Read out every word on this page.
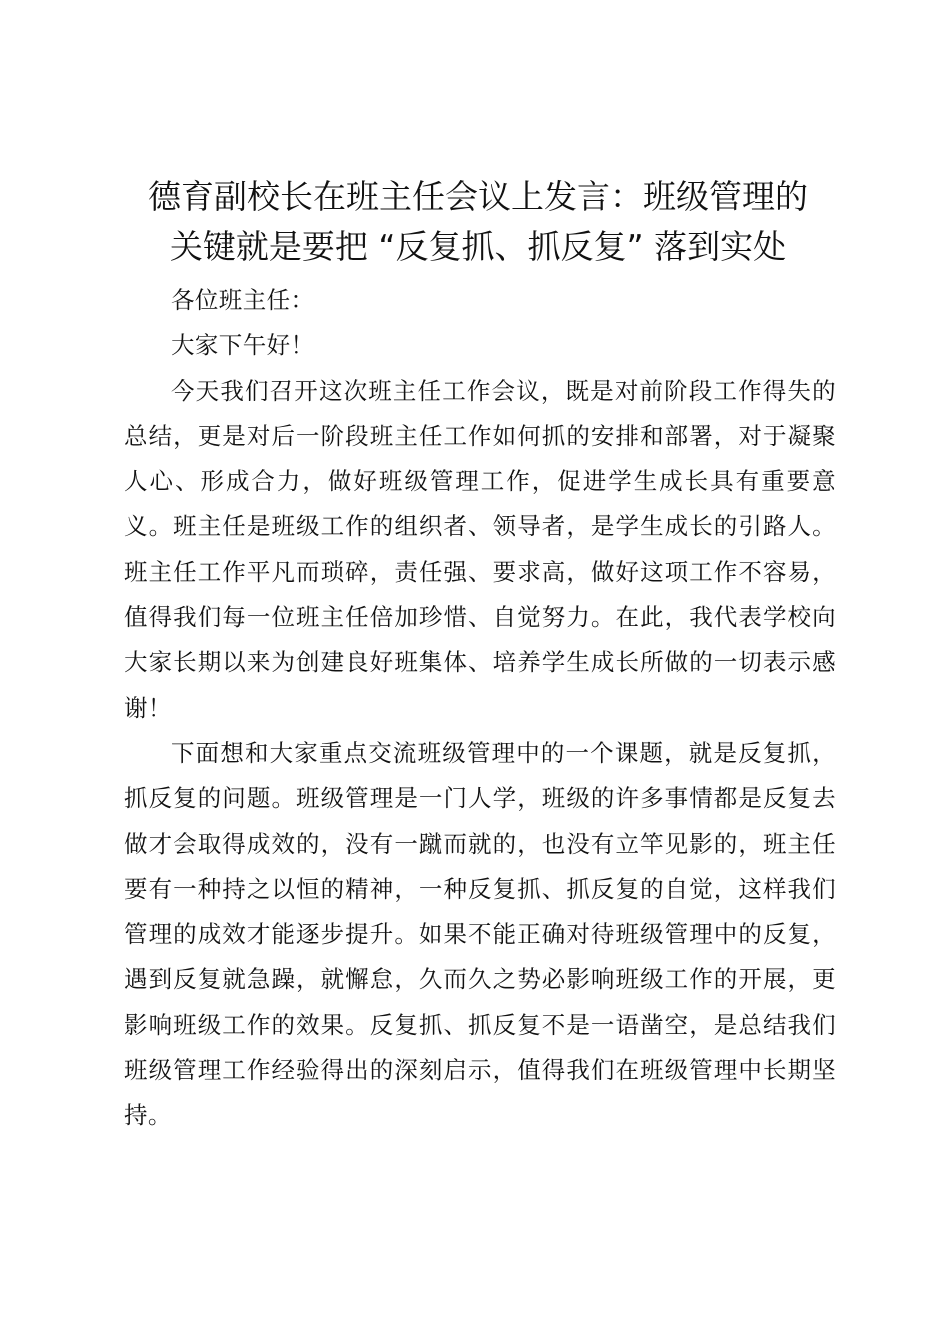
德育副校长在班主任会议上发言：班级管理的
关键就是要把 “反复抓、抓反复” 落到实处

各位班主任：

大家下午好！

今天我们召开这次班主任工作会议，既是对前阶段工作得失的总结，更是对后一阶段班主任工作如何抓的安排和部署，对于凝聚人心、形成合力，做好班级管理工作，促进学生成长具有重要意义。班主任是班级工作的组织者、领导者，是学生成长的引路人。班主任工作平凡而琐碎，责任强、要求高，做好这项工作不容易，值得我们每一位班主任倍加珍惜、自觉努力。在此，我代表学校向大家长期以来为创建良好班集体、培养学生成长所做的一切表示感谢！

下面想和大家重点交流班级管理中的一个课题，就是反复抓，抓反复的问题。班级管理是一门人学，班级的许多事情都是反复去做才会取得成效的，没有一蹴而就的，也没有立竿见影的，班主任要有一种持之以恒的精神，一种反复抓、抓反复的自觉，这样我们管理的成效才能逐步提升。如果不能正确对待班级管理中的反复，遇到反复就急躁，就懈怠，久而久之势必影响班级工作的开展，更影响班级工作的效果。反复抓、抓反复不是一语凿空，是总结我们班级管理工作经验得出的深刻启示，值得我们在班级管理中长期坚持。
